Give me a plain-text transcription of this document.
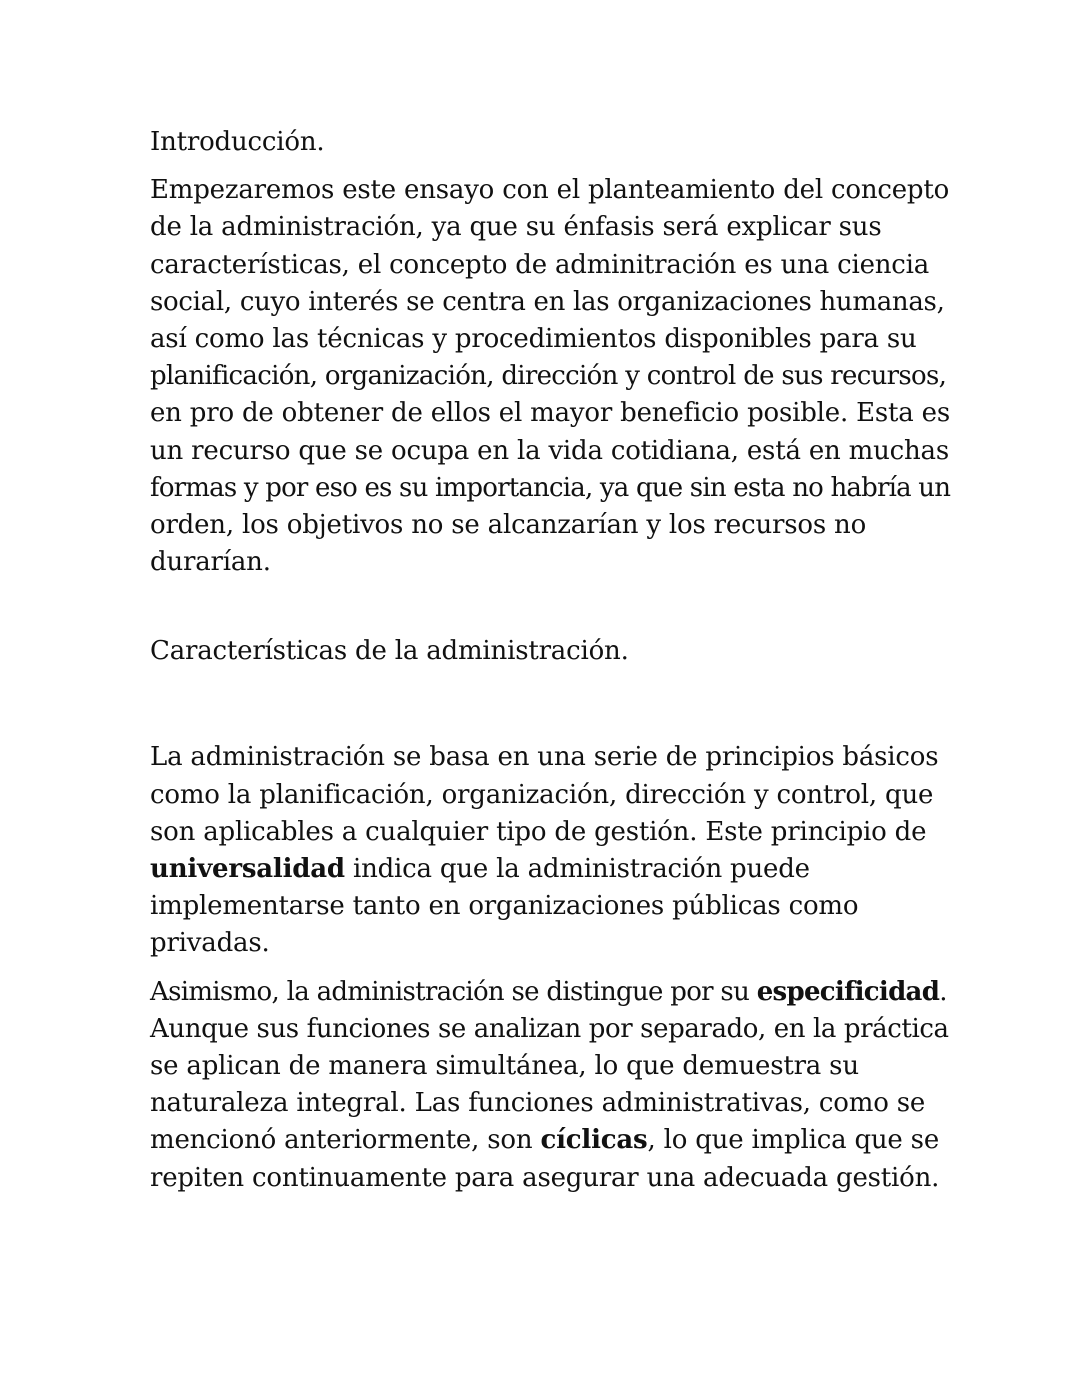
Introducción.
Empezaremos este ensayo con el planteamiento del concepto
de la administración, ya que su énfasis será explicar sus
características, el concepto de adminitración es una ciencia
social, cuyo interés se centra en las organizaciones humanas,
así como las técnicas y procedimientos disponibles para su
planificación, organización, dirección y control de sus recursos,
en pro de obtener de ellos el mayor beneficio posible. Esta es
un recurso que se ocupa en la vida cotidiana, está en muchas
formas y por eso es su importancia, ya que sin esta no habría un
orden, los objetivos no se alcanzarían y los recursos no
durarían.
Características de la administración.
La administración se basa en una serie de principios básicos
como la planificación, organización, dirección y control, que
son aplicables a cualquier tipo de gestión. Este principio de
universalidad indica que la administración puede
implementarse tanto en organizaciones públicas como
privadas.
Asimismo, la administración se distingue por su especificidad.
Aunque sus funciones se analizan por separado, en la práctica
se aplican de manera simultánea, lo que demuestra su
naturaleza integral. Las funciones administrativas, como se
mencionó anteriormente, son cíclicas, lo que implica que se
repiten continuamente para asegurar una adecuada gestión.
